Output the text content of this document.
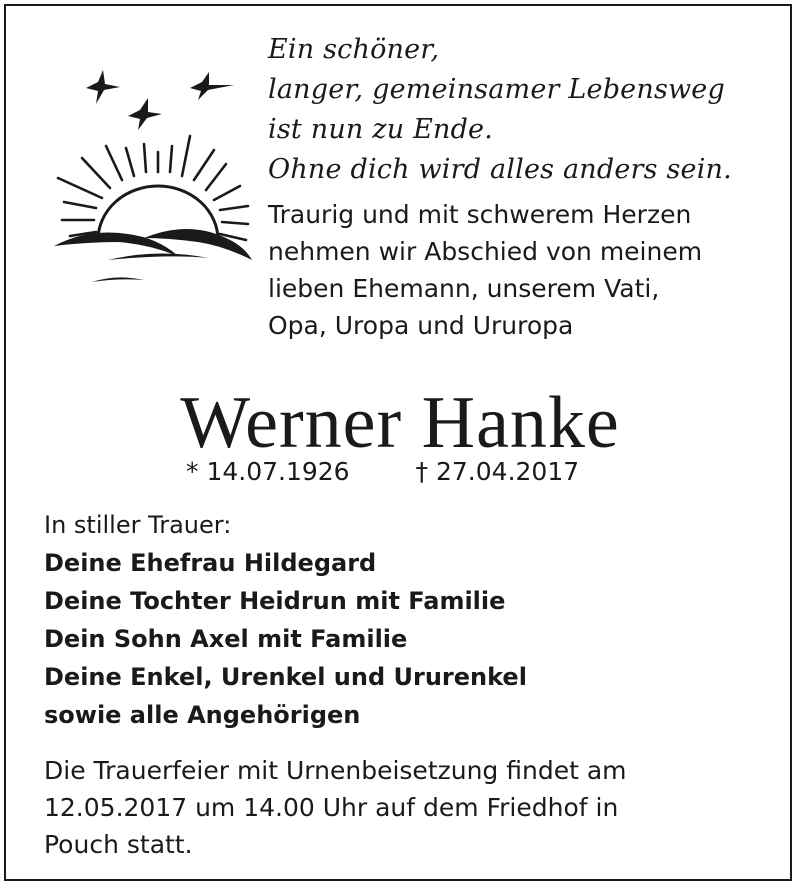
Ein schöner,
langer, gemeinsamer Lebensweg
ist nun zu Ende.
Ohne dich wird alles anders sein.
Traurig und mit schwerem Herzen
nehmen wir Abschied von meinem
lieben Ehemann, unserem Vati,
Opa, Uropa und Ururopa
Werner Hanke
* 14.07.1926	† 27.04.2017
In stiller Trauer:
Deine Ehefrau Hildegard
Deine Tochter Heidrun mit Familie
Dein Sohn Axel mit Familie
Deine Enkel, Urenkel und Ururenkel
sowie alle Angehörigen
Die Trauerfeier mit Urnenbeisetzung findet am
12.05.2017 um 14.00 Uhr auf dem Friedhof in
Pouch statt.
